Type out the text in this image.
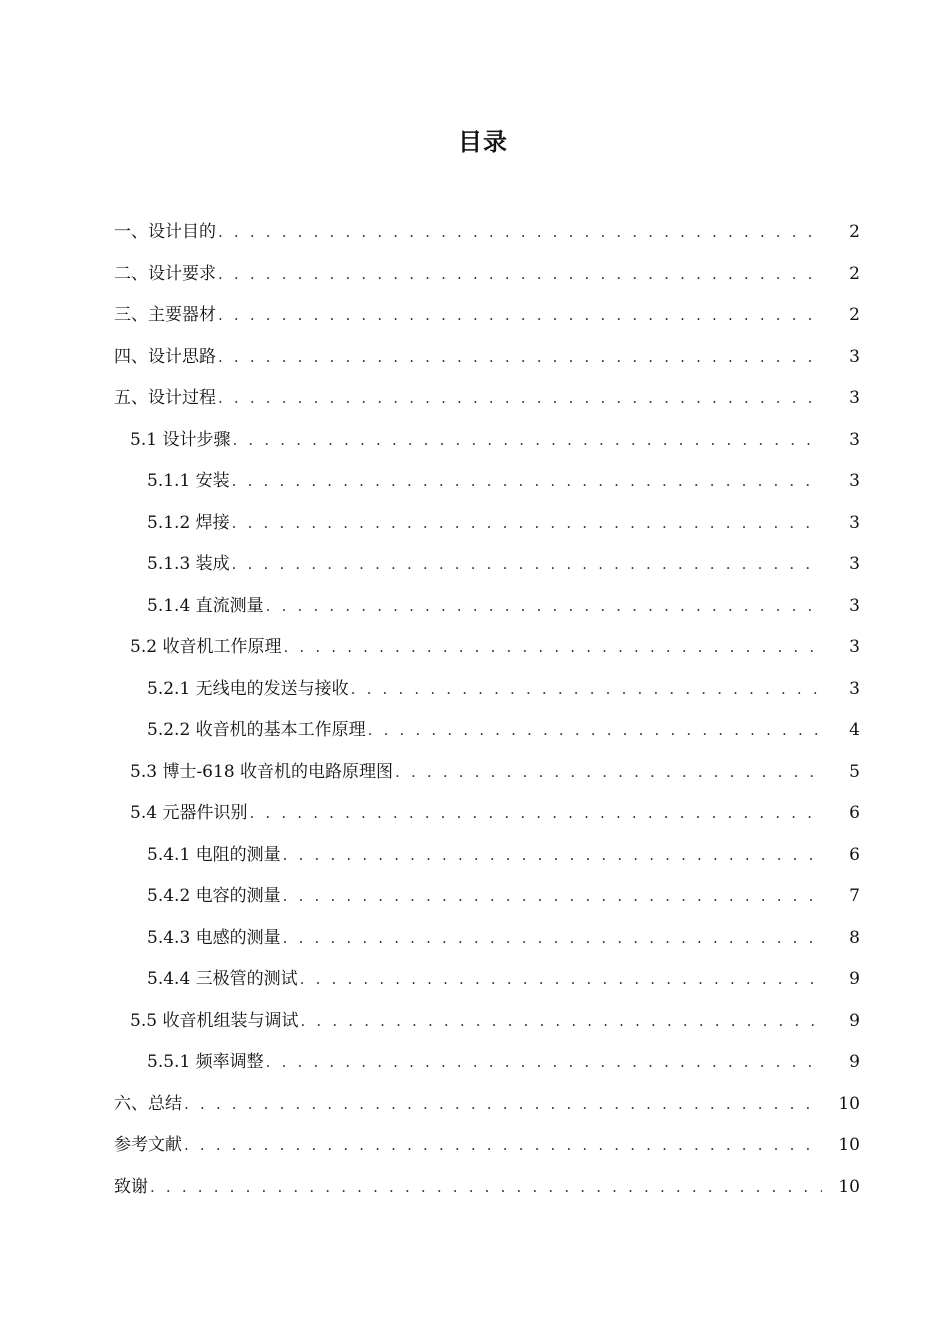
目录
一、设计目的 . . .	2
二、设计要求 . . .	2
三、主要器材 . . .	2
四、设计思路 . . .	3
五、设计过程 . . .	3
5.1 设计步骤 . . .	3
5.1.1 安装 . . .	3
5.1.2 焊接 . . .	3
5.1.3 装成 . . .	3
5.1.4 直流测量 . . .	3
5.2 收音机工作原理 . . .	3
5.2.1 无线电的发送与接收 . . .	3
5.2.2 收音机的基本工作原理 . . .	4
5.3 博士-618 收音机的电路原理图 . . .	5
5.4 元器件识别 . . .	6
5.4.1 电阻的测量 . . .	6
5.4.2 电容的测量 . . .	7
5.4.3 电感的测量 . . .	8
5.4.4 三极管的测试 . . .	9
5.5 收音机组装与调试 . . .	9
5.5.1 频率调整 . . .	9
六、总结 . . .	10
参考文献 . . .	10
致谢 . . .	10
